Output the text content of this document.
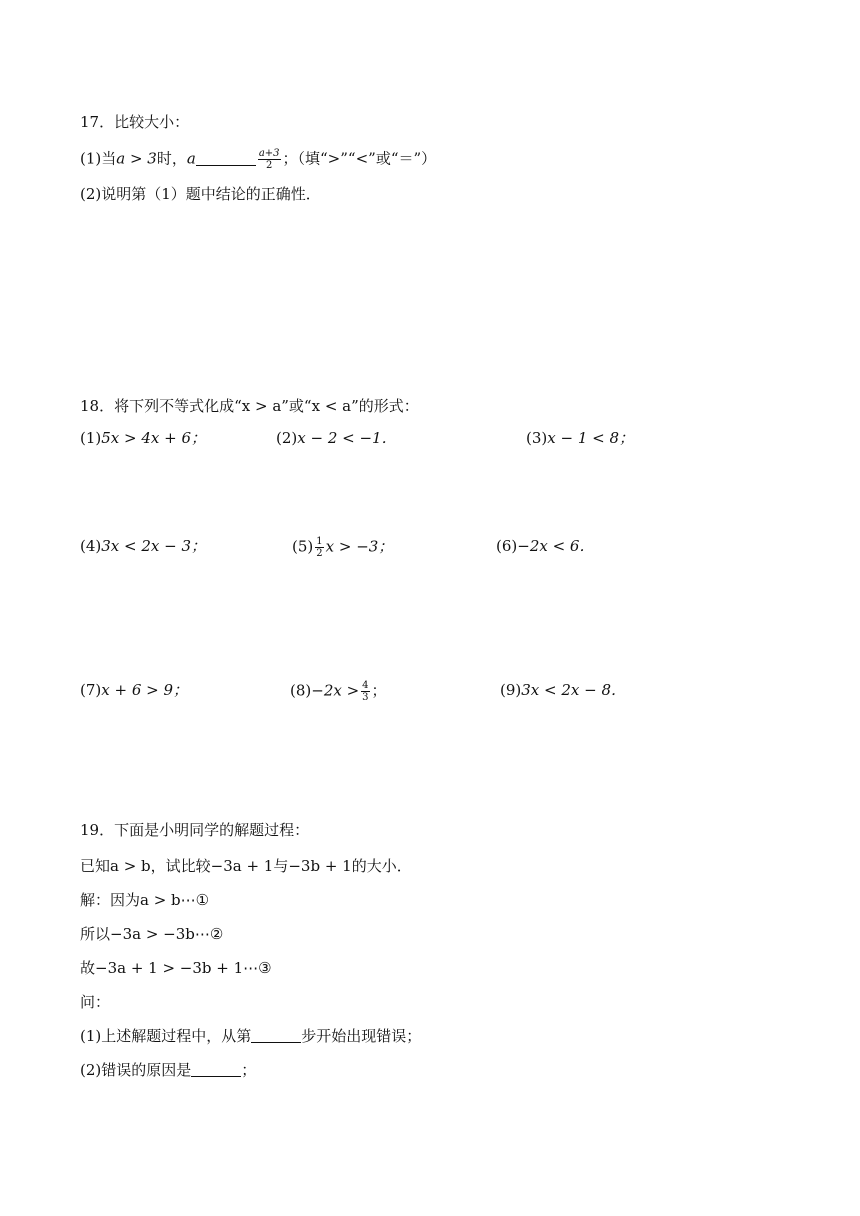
17．比较大小：
(1)当a > 3时，a	$\frac{a+3}{2}$ ；（填“>”“<”或“＝”）
(2)说明第（1）题中结论的正确性．
18．将下列不等式化成“x > a”或“x < a”的形式：
(1)5x > 4x + 6；	(2)x − 2 < −1．	(3)x − 1 < 8；
(4)3x < 2x − 3；	$(5) \frac{1}{2}$ x > −3；	(6)−2x < 6．
(7)x + 6 > 9；	$(8)-2x > \frac{4}{3}$ ；	(9)3x < 2x − 8．
19．下面是小明同学的解题过程：
已知a > b，试比较−3a + 1与−3b + 1的大小．
解：因为a > b⋯①
所以−3a > −3b⋯②
故−3a + 1 > −3b + 1⋯③
问：
(1)上述解题过程中，从第	步开始出现错误；
(2)错误的原因是	；
